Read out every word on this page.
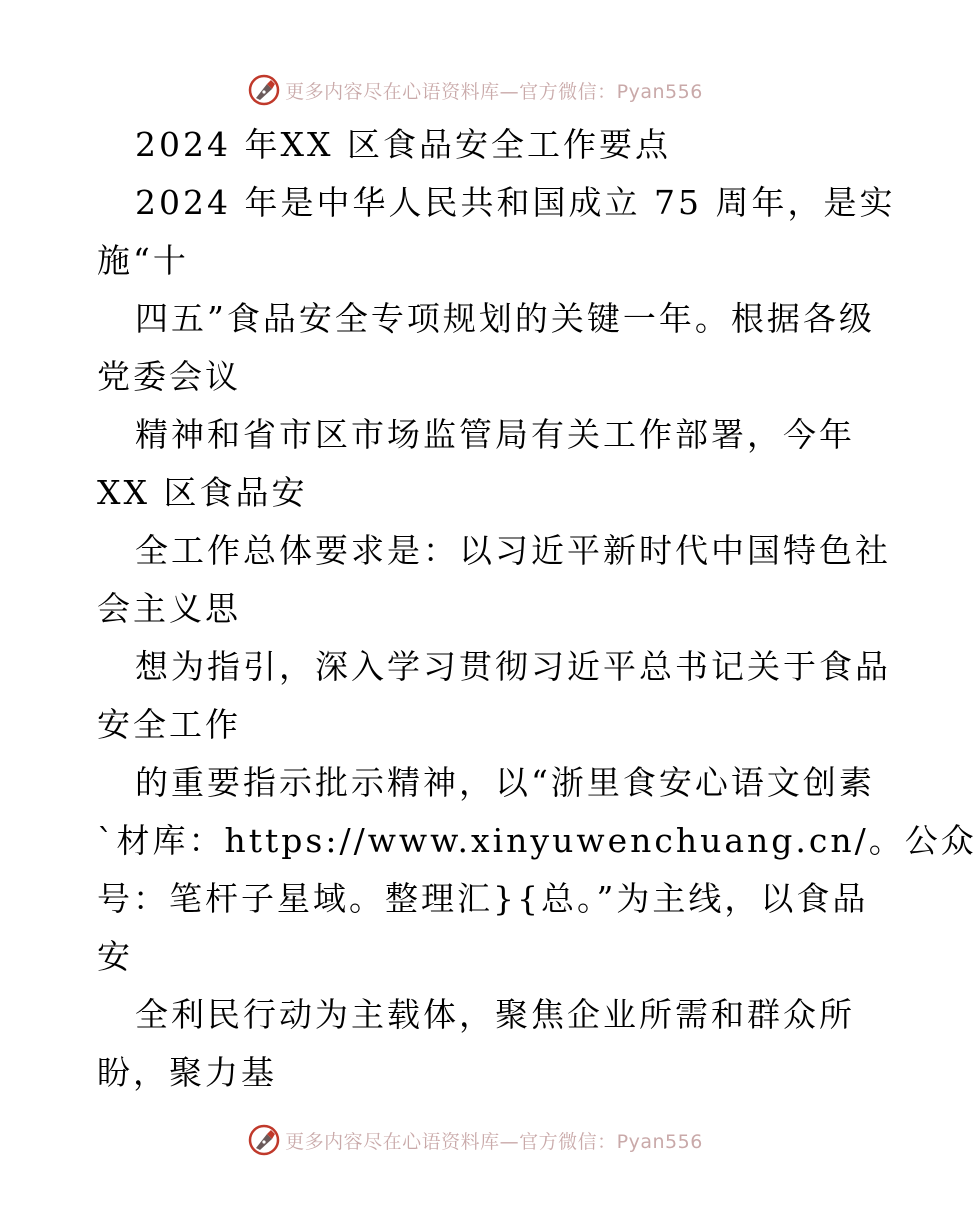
更多内容尽在心语资料库—官方微信：Pyan556
2024 年XX 区食品安全工作要点
2024 年是中华人民共和国成立 75 周年，是实
施“十
四五”食品安全专项规划的关键一年。根据各级
党委会议
精神和省市区市场监管局有关工作部署，今年
XX 区食品安
全工作总体要求是：以习近平新时代中国特色社
会主义思
想为指引，深入学习贯彻习近平总书记关于食品
安全工作
的重要指示批示精神，以“浙里食安心语文创素
`材库：https://www.xinyuwenchuang.cn/。公众
号：笔杆子星域。整理汇}{总。”为主线，以食品
安
全利民行动为主载体，聚焦企业所需和群众所
盼，聚力基
更多内容尽在心语资料库—官方微信：Pyan556
